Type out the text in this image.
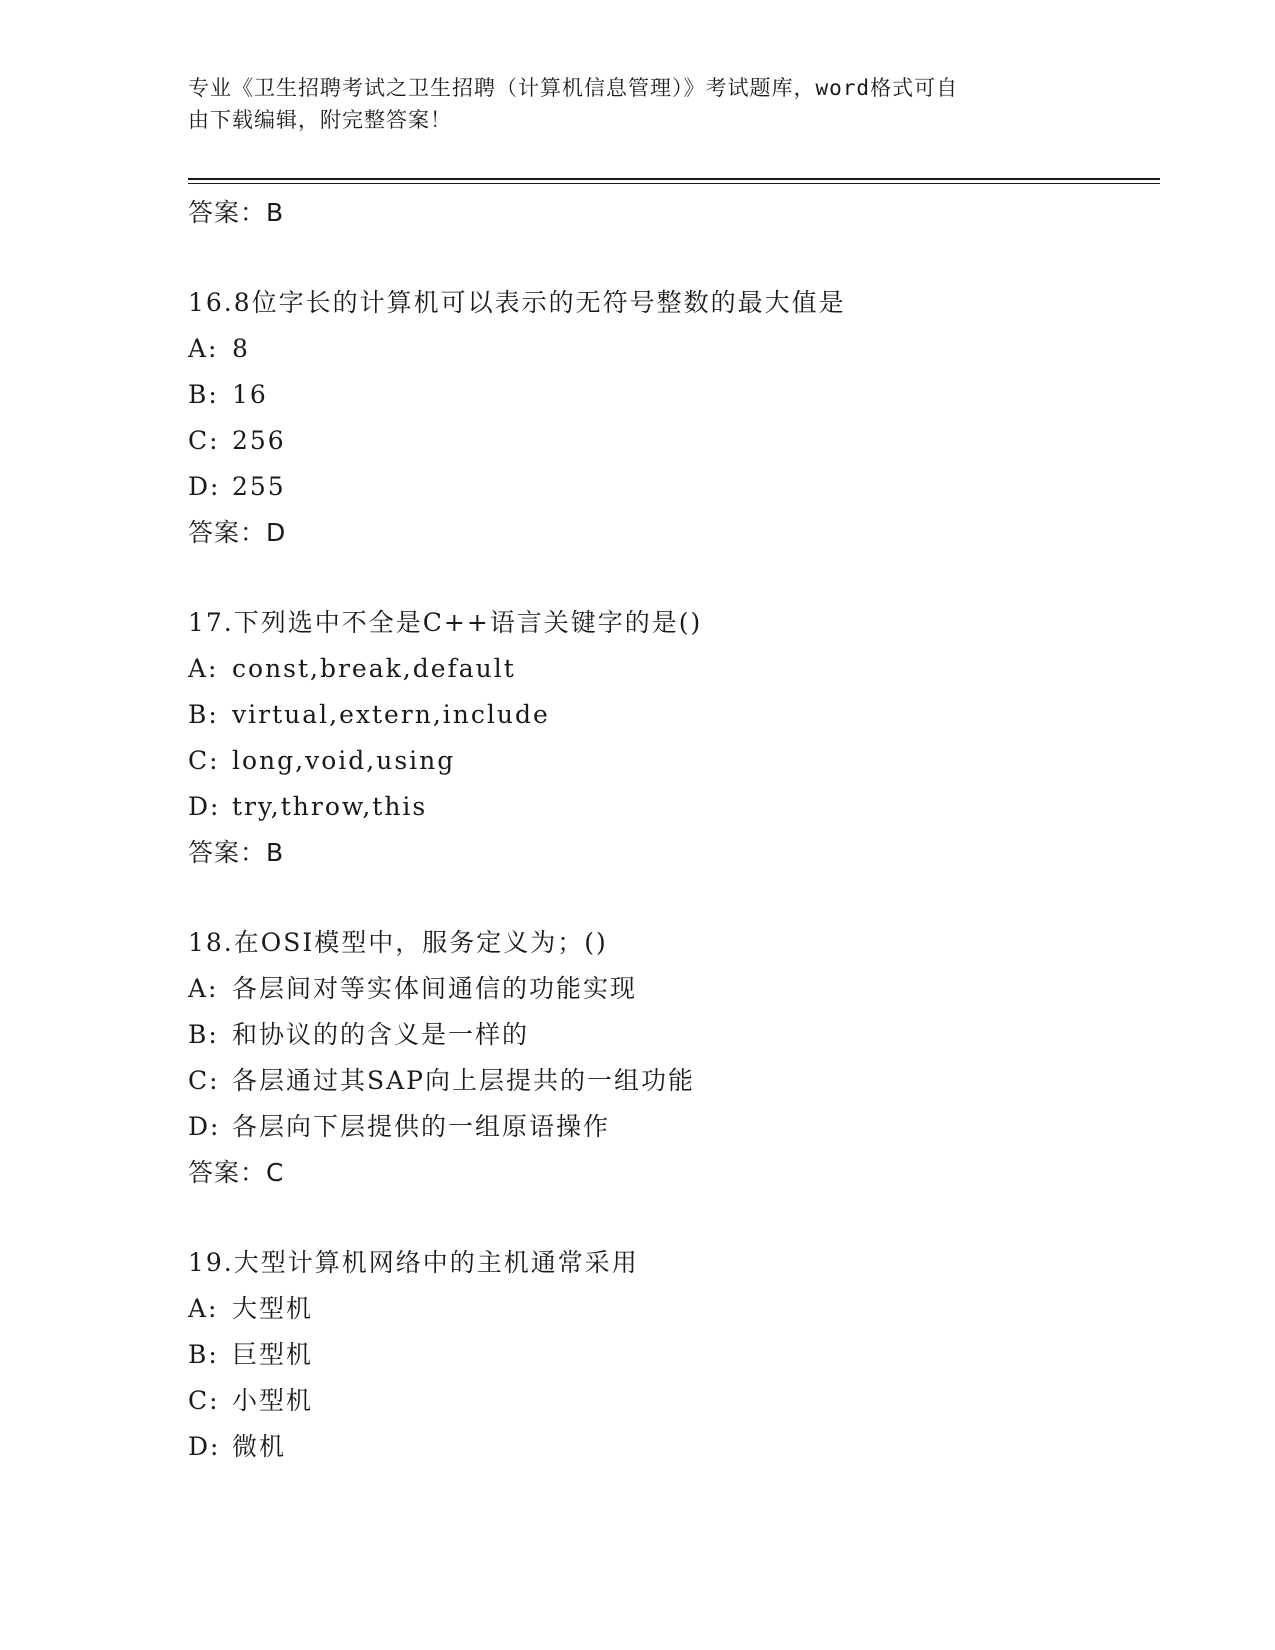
专业《卫生招聘考试之卫生招聘（计算机信息管理）》考试题库，word格式可自
由下载编辑，附完整答案！
答案：B
16.8位字长的计算机可以表示的无符号整数的最大值是
A: 8
B: 16
C: 256
D: 255
答案：D
17.下列选中不全是C++语言关键字的是()
A: const,break,default
B: virtual,extern,include
C: long,void,using
D: try,throw,this
答案：B
18.在OSI模型中，服务定义为；()
A: 各层间对等实体间通信的功能实现
B: 和协议的的含义是一样的
C: 各层通过其SAP向上层提共的一组功能
D: 各层向下层提供的一组原语操作
答案：C
19.大型计算机网络中的主机通常采用
A: 大型机
B: 巨型机
C: 小型机
D: 微机
